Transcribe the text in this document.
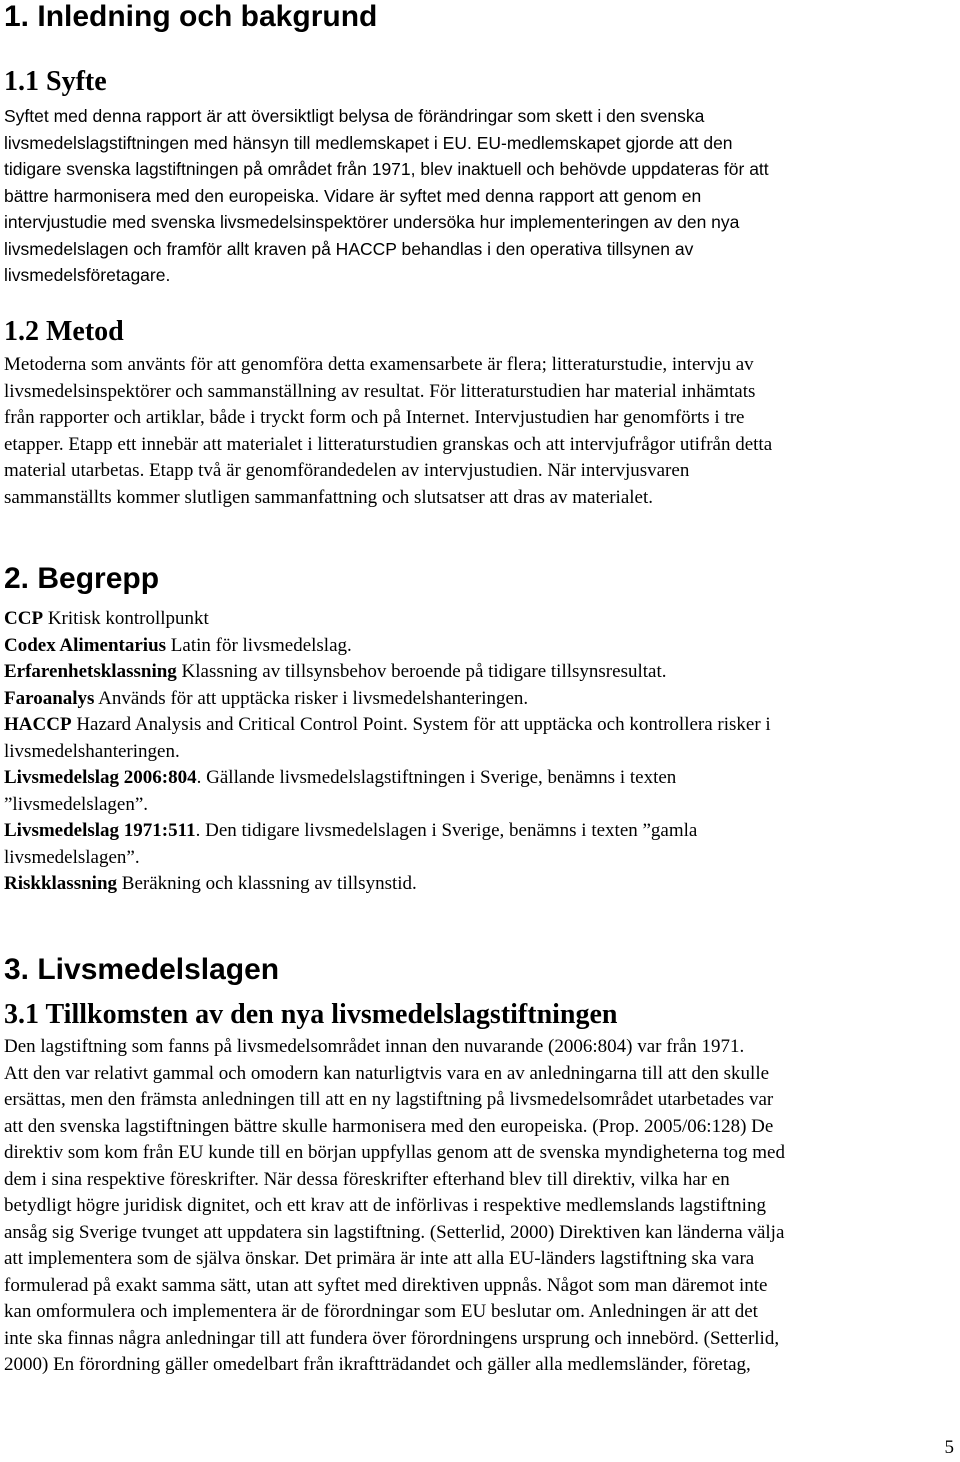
1. Inledning och bakgrund
1.1 Syfte
Syftet med denna rapport är att översiktligt belysa de förändringar som skett i den svenska
livsmedelslagstiftningen med hänsyn till medlemskapet i EU. EU-medlemskapet gjorde att den
tidigare svenska lagstiftningen på området från 1971, blev inaktuell och behövde uppdateras för att
bättre harmonisera med den europeiska. Vidare är syftet med denna rapport att genom en
intervjustudie med svenska livsmedelsinspektörer undersöka hur implementeringen av den nya
livsmedelslagen och framför allt kraven på HACCP behandlas i den operativa tillsynen av
livsmedelsföretagare.
1.2 Metod
Metoderna som använts för att genomföra detta examensarbete är flera; litteraturstudie, intervju av
livsmedelsinspektörer och sammanställning av resultat. För litteraturstudien har material inhämtats
från rapporter och artiklar, både i tryckt form och på Internet. Intervjustudien har genomförts i tre
etapper. Etapp ett innebär att materialet i litteraturstudien granskas och att intervjufrågor utifrån detta
material utarbetas. Etapp två är genomförandedelen av intervjustudien. När intervjusvaren
sammanställts kommer slutligen sammanfattning och slutsatser att dras av materialet.
2. Begrepp
CCP Kritisk kontrollpunkt
Codex Alimentarius Latin för livsmedelslag.
Erfarenhetsklassning Klassning av tillsynsbehov beroende på tidigare tillsynsresultat.
Faroanalys Används för att upptäcka risker i livsmedelshanteringen.
HACCP Hazard Analysis and Critical Control Point. System för att upptäcka och kontrollera risker i
livsmedelshanteringen.
Livsmedelslag 2006:804. Gällande livsmedelslagstiftningen i Sverige, benämns i texten
”livsmedelslagen”.
Livsmedelslag 1971:511. Den tidigare livsmedelslagen i Sverige, benämns i texten ”gamla
livsmedelslagen”.
Riskklassning Beräkning och klassning av tillsynstid.
3. Livsmedelslagen
3.1 Tillkomsten av den nya livsmedelslagstiftningen
Den lagstiftning som fanns på livsmedelsområdet innan den nuvarande (2006:804) var från 1971.
Att den var relativt gammal och omodern kan naturligtvis vara en av anledningarna till att den skulle
ersättas, men den främsta anledningen till att en ny lagstiftning på livsmedelsområdet utarbetades var
att den svenska lagstiftningen bättre skulle harmonisera med den europeiska. (Prop. 2005/06:128) De
direktiv som kom från EU kunde till en början uppfyllas genom att de svenska myndigheterna tog med
dem i sina respektive föreskrifter. När dessa föreskrifter efterhand blev till direktiv, vilka har en
betydligt högre juridisk dignitet, och ett krav att de införlivas i respektive medlemslands lagstiftning
ansåg sig Sverige tvunget att uppdatera sin lagstiftning. (Setterlid, 2000) Direktiven kan länderna välja
att implementera som de själva önskar. Det primära är inte att alla EU-länders lagstiftning ska vara
formulerad på exakt samma sätt, utan att syftet med direktiven uppnås. Något som man däremot inte
kan omformulera och implementera är de förordningar som EU beslutar om. Anledningen är att det
inte ska finnas några anledningar till att fundera över förordningens ursprung och innebörd. (Setterlid,
2000) En förordning gäller omedelbart från ikraftträdandet och gäller alla medlemsländer, företag,
5
